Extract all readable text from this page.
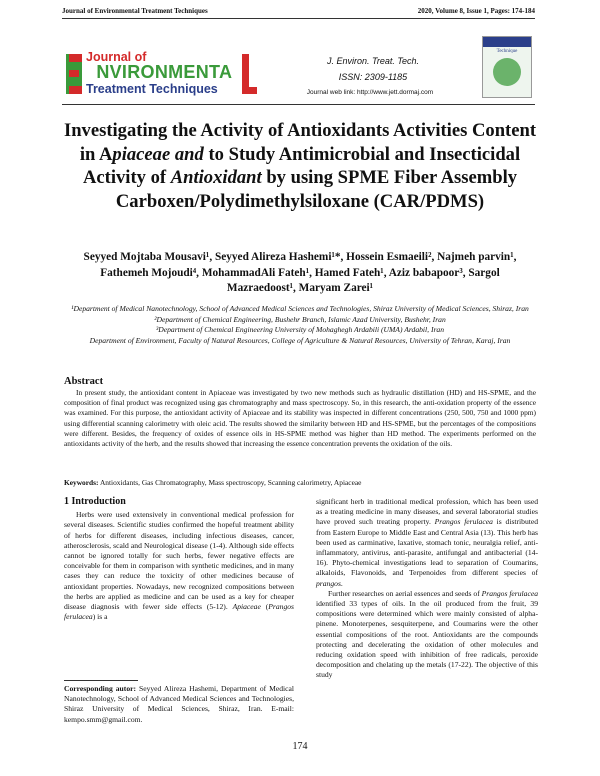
Journal of Environmental Treatment Techniques	2020, Volume 8, Issue 1, Pages: 174-184
Journal of
NVIRONMENTA
Treatment Techniques
J. Environ. Treat. Tech.
ISSN: 2309-1185
Journal web link: http://www.jett.dormaj.com
Technique
Investigating the Activity of Antioxidants Activities Content in Apiaceae and to Study Antimicrobial and Insecticidal Activity of Antioxidant by using SPME Fiber Assembly Carboxen/Polydimethylsiloxane (CAR/PDMS)
Seyyed Mojtaba Mousavi¹, Seyyed Alireza Hashemi¹*, Hossein Esmaeili², Najmeh parvin¹, Fathemeh Mojoudi⁴, MohammadAli Fateh¹, Hamed Fateh¹, Aziz babapoor³, Sargol Mazraedoost¹, Maryam Zarei¹
¹Department of Medical Nanotechnology, School of Advanced Medical Sciences and Technologies, Shiraz University of Medical Sciences, Shiraz, Iran
²Department of Chemical Engineering, Bushehr Branch, Islamic Azad University, Bushehr, Iran
³Department of Chemical Engineering University of Mohaghegh Ardabili (UMA) Ardabil, Iran
Department of Environment, Faculty of Natural Resources, College of Agriculture & Natural Resources, University of Tehran, Karaj, Iran
Abstract
In present study, the antioxidant content in Apiaceae was investigated by two new methods such as hydraulic distillation (HD) and HS-SPME, and the composition of final product was recognized using gas chromatography and mass spectroscopy. So, in this research, the anti-oxidation property of the essence was examined. For this purpose, the antioxidant activity of Apiaceae and its stability was inspected in different concentrations (250, 500, 750 and 1000 ppm) using differential scanning calorimetry with oleic acid. The results showed the similarity between HD and HS-SPME, but the percentages of the compositions were different. Besides, the frequency of oxides of essence oils in HS-SPME method was higher than HD method. The experiments performed on the antioxidants activity of the herb, and the results showed that increasing the essence concentration prevents the oxidation of the oils.
Keywords: Antioxidants, Gas Chromatography, Mass spectroscopy, Scanning calorimetry, Apiaceae
1 Introduction

Herbs were used extensively in conventional medical profession for several diseases. Scientific studies confirmed the hopeful treatment ability of herbs for different diseases, including infectious diseases, cancer, atherosclerosis, scald and Neurological disease (1-4). Although side effects cannot be ignored totally for such herbs, fewer negative effects are conceivable for them in comparison with synthetic medicines, and in many cases they can reduce the toxicity of other medicines because of antioxidant properties. Nowadays, new recognized compositions between the herbs are applied as medicine and can be used as a key for cheaper disease diagnosis with fewer side effects (5-12). Apiaceae (Prangos ferulacea) is a

Corresponding autor: Seyyed Alireza Hashemi, Department of Medical Nanotechnology, School of Advanced Medical Sciences and Technologies, Shiraz University of Medical Sciences, Shiraz, Iran. E-mail: kempo.smm@gmail.com.

significant herb in traditional medical profession, which has been used as a treating medicine in many diseases, and several laboratorial studies have proved such treating property. Prangos ferulacea is distributed from Eastern Europe to Middle East and Central Asia (13). This herb has been used as carminative, laxative, stomach tonic, neuralgia relief, anti-inflammatory, antivirus, anti-parasite, antifungal and antibacterial (14-16). Phyto-chemical investigations lead to separation of Coumarins, alkaloids, Flavonoids, and Terpenoides from different species of prangos.

Further researches on aerial essences and seeds of Prangos ferulacea identified 33 types of oils. In the oil produced from the fruit, 39 compositions were determined which were mainly consisted of alpha-pinene. Monoterpenes, sesquiterpene, and Coumarins were the other essential compositions of the root. Antioxidants are the compounds protecting and decelerating the oxidation of other molecules and reducing oxidation speed with inhibition of free radicals, peroxide decomposition and chelating up the metals (17-22). The objective of this study

174
